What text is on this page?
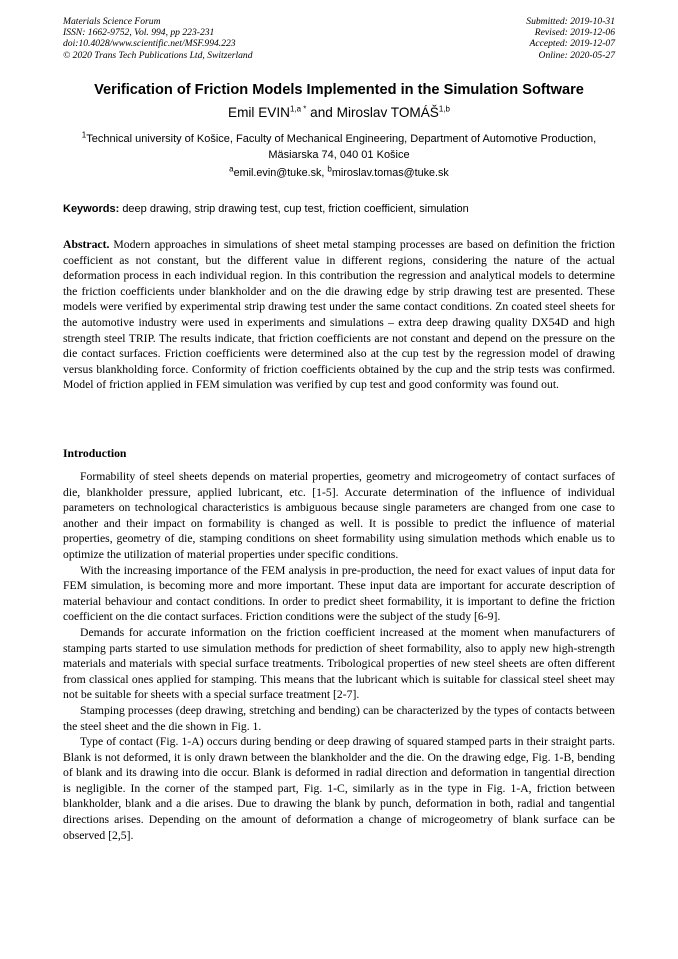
Materials Science Forum
ISSN: 1662-9752, Vol. 994, pp 223-231
doi:10.4028/www.scientific.net/MSF.994.223
© 2020 Trans Tech Publications Ltd, Switzerland
Submitted: 2019-10-31
Revised: 2019-12-06
Accepted: 2019-12-07
Online: 2020-05-27
Verification of Friction Models Implemented in the Simulation Software
Emil $EVIN^{1,a *}$ and Miroslav TOMÁŠ$^{1,b}$
$^1$Technical university of Košice, Faculty of Mechanical Engineering, Department of Automotive Production, Mäsiarska 74, 040 01 Košice
$^a$emil.evin@tuke.sk, $^b$miroslav.tomas@tuke.sk
Keywords: deep drawing, strip drawing test, cup test, friction coefficient, simulation
Abstract. Modern approaches in simulations of sheet metal stamping processes are based on definition the friction coefficient as not constant, but the different value in different regions, considering the nature of the actual deformation process in each individual region. In this contribution the regression and analytical models to determine the friction coefficients under blankholder and on the die drawing edge by strip drawing test are presented. These models were verified by experimental strip drawing test under the same contact conditions. Zn coated steel sheets for the automotive industry were used in experiments and simulations – extra deep drawing quality DX54D and high strength steel TRIP. The results indicate, that friction coefficients are not constant and depend on the pressure on the die contact surfaces. Friction coefficients were determined also at the cup test by the regression model of drawing versus blankholding force. Conformity of friction coefficients obtained by the cup and the strip tests was confirmed. Model of friction applied in FEM simulation was verified by cup test and good conformity was found out.
Introduction

Formability of steel sheets depends on material properties, geometry and microgeometry of contact surfaces of die, blankholder pressure, applied lubricant, etc. [1-5]. Accurate determination of the influence of individual parameters on technological characteristics is ambiguous because single parameters are changed from one case to another and their impact on formability is changed as well. It is possible to predict the influence of material properties, geometry of die, stamping conditions on sheet formability using simulation methods which enable us to optimize the utilization of material properties under specific conditions.

With the increasing importance of the FEM analysis in pre-production, the need for exact values of input data for FEM simulation, is becoming more and more important. These input data are important for accurate description of material behaviour and contact conditions. In order to predict sheet formability, it is important to define the friction coefficient on the die contact surfaces. Friction conditions were the subject of the study [6-9].

Demands for accurate information on the friction coefficient increased at the moment when manufacturers of stamping parts started to use simulation methods for prediction of sheet formability, also to apply new high-strength materials and materials with special surface treatments. Tribological properties of new steel sheets are often different from classical ones applied for stamping. This means that the lubricant which is suitable for classical steel sheet may not be suitable for sheets with a special surface treatment [2-7].

Stamping processes (deep drawing, stretching and bending) can be characterized by the types of contacts between the steel sheet and the die shown in Fig. 1.

Type of contact (Fig. 1-A) occurs during bending or deep drawing of squared stamped parts in their straight parts. Blank is not deformed, it is only drawn between the blankholder and the die. On the drawing edge, Fig. 1-B, bending of blank and its drawing into die occur. Blank is deformed in radial direction and deformation in tangential direction is negligible. In the corner of the stamped part, Fig. 1-C, similarly as in the type in Fig. 1-A, friction between blankholder, blank and a die arises. Due to drawing the blank by punch, deformation in both, radial and tangential directions arises. Depending on the amount of deformation a change of microgeometry of blank surface can be observed [2,5].
